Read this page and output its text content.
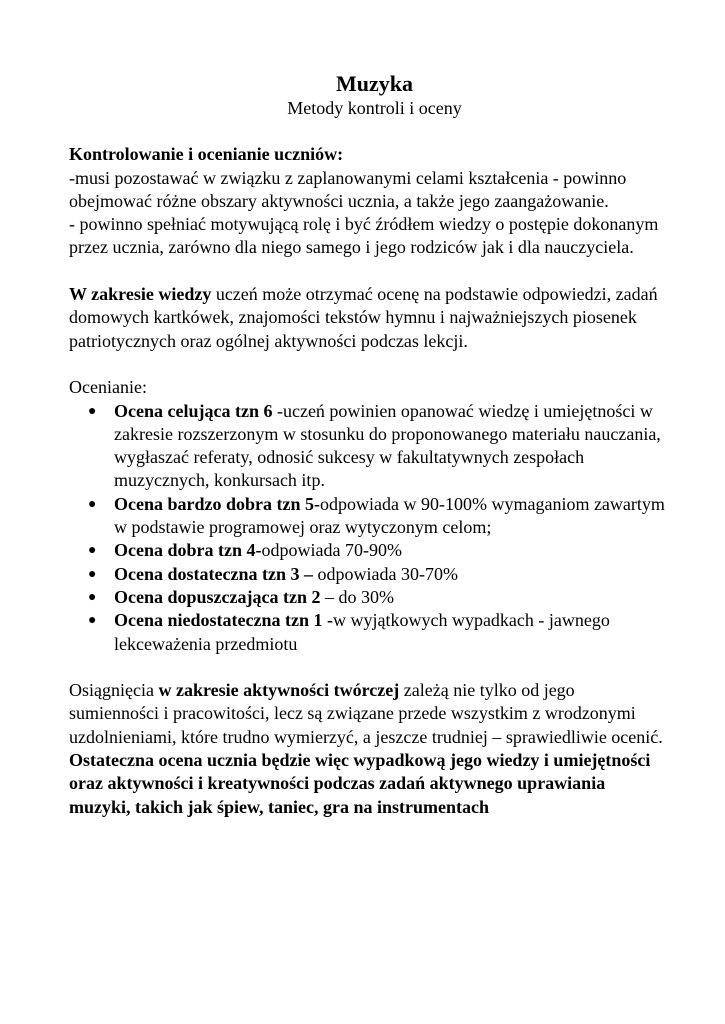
Muzyka

Metody kontroli i oceny

Kontrolowanie i ocenianie uczniów:

-musi pozostawać w związku z zaplanowanymi celami kształcenia - powinno obejmować różne obszary aktywności ucznia, a także jego zaangażowanie.

- powinno spełniać motywującą rolę i być źródłem wiedzy o postępie dokonanym przez ucznia, zarówno dla niego samego i jego rodziców jak i dla nauczyciela.

W zakresie wiedzy uczeń może otrzymać ocenę na podstawie odpowiedzi, zadań domowych kartkówek, znajomości tekstów hymnu i najważniejszych piosenek patriotycznych oraz ogólnej aktywności podczas lekcji.

Ocenianie:

● Ocena celująca tzn 6 -uczeń powinien opanować wiedzę i umiejętności w zakresie rozszerzonym w stosunku do proponowanego materiału nauczania, wygłaszać referaty, odnosić sukcesy w fakultatywnych zespołach muzycznych, konkursach itp.
● Ocena bardzo dobra tzn 5-odpowiada w 90-100% wymaganiom zawartym w podstawie programowej oraz wytyczonym celom;
● Ocena dobra tzn 4-odpowiada 70-90%
● Ocena dostateczna tzn 3 – odpowiada 30-70%
● Ocena dopuszczająca tzn 2 – do 30%
● Ocena niedostateczna tzn 1 -w wyjątkowych wypadkach - jawnego lekceważenia przedmiotu

Osiągnięcia w zakresie aktywności twórczej zależą nie tylko od jego sumienności i pracowitości, lecz są związane przede wszystkim z wrodzonymi uzdolnieniami, które trudno wymierzyć, a jeszcze trudniej – sprawiedliwie ocenić.

Ostateczna ocena ucznia będzie więc wypadkową jego wiedzy i umiejętności oraz aktywności i kreatywności podczas zadań aktywnego uprawiania muzyki, takich jak śpiew, taniec, gra na instrumentach
